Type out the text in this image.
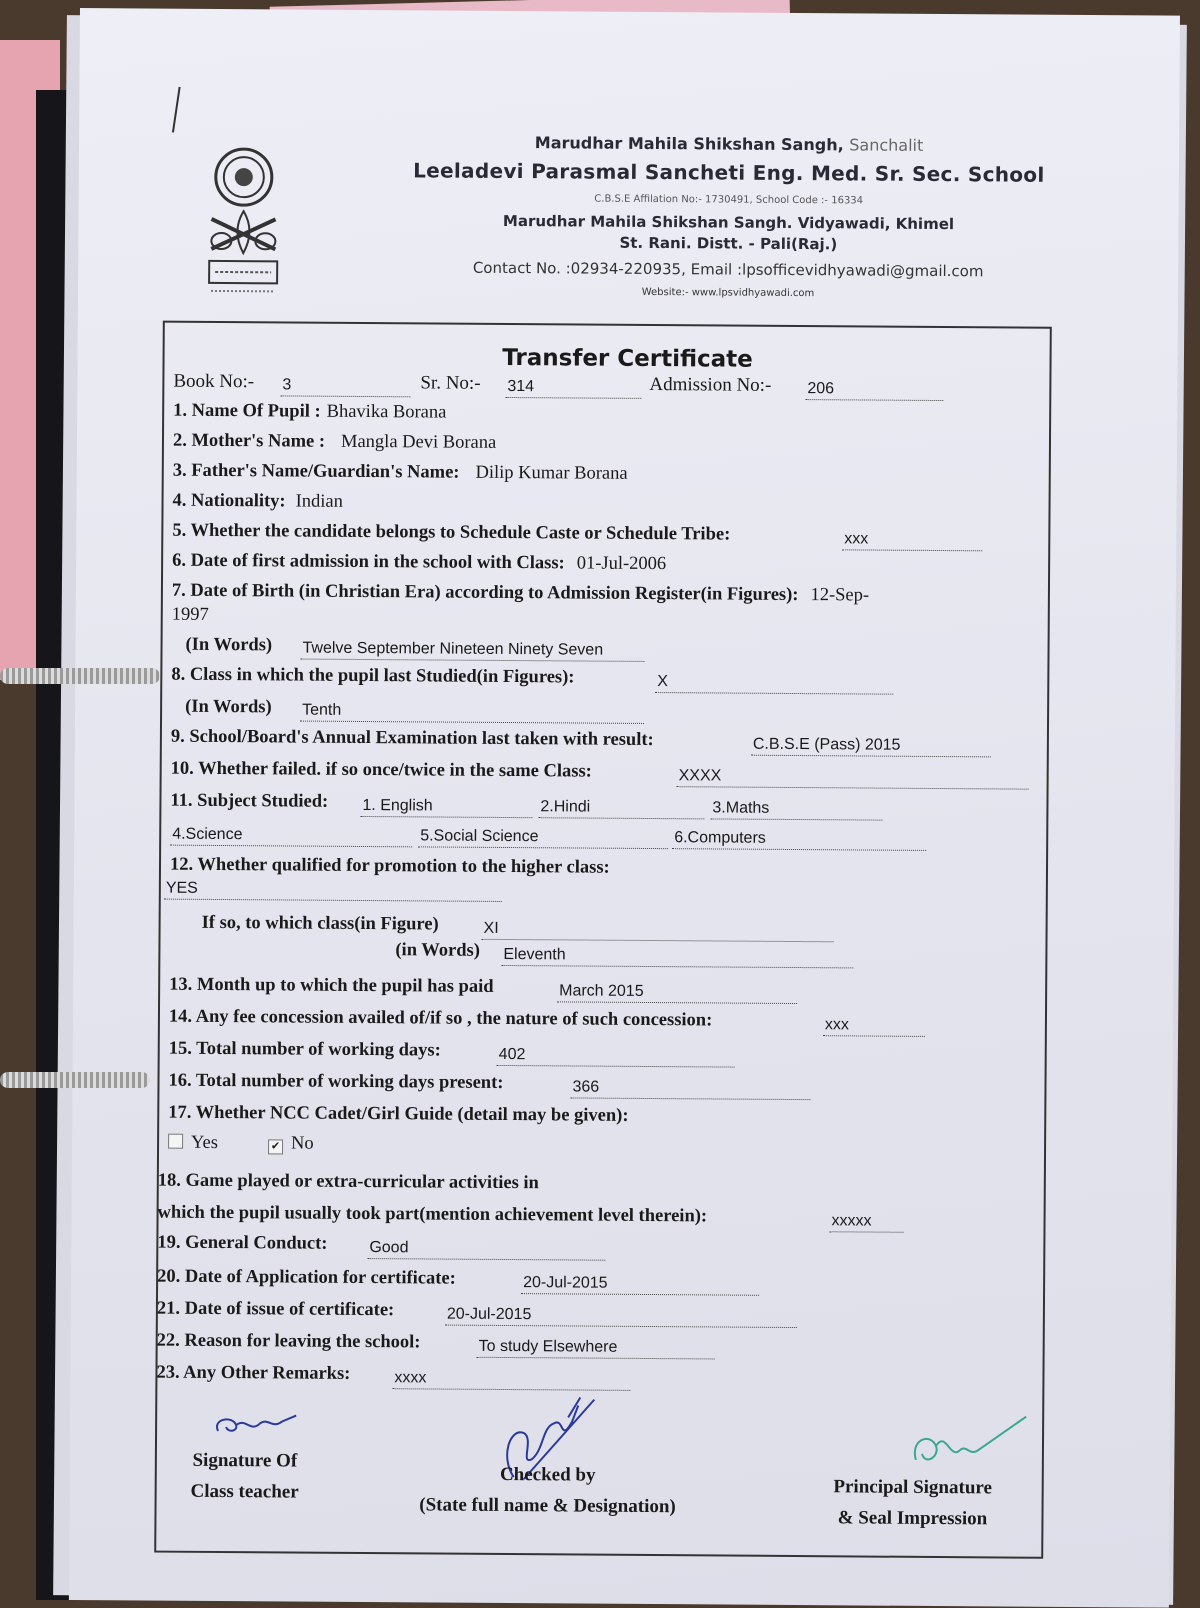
Marudhar Mahila Shikshan Sangh, Sanchalit
Leeladevi Parasmal Sancheti Eng. Med. Sr. Sec. School
C.B.S.E Affilation No:- 1730491, School Code :- 16334
Marudhar Mahila Shikshan Sangh. Vidyawadi, Khimel
St. Rani. Distt. - Pali(Raj.)
Contact No. :02934-220935, Email :lpsofficevidhyawadi@gmail.com
Website:- www.lpsvidhyawadi.com
Transfer Certificate
Book No:- 3	Sr. No:- 314	Admission No:- 206
1. Name Of Pupil : Bhavika Borana
2. Mother's Name : Mangla Devi Borana
3. Father's Name/Guardian's Name: Dilip Kumar Borana
4. Nationality: Indian
5. Whether the candidate belongs to Schedule Caste or Schedule Tribe:	xxx
6. Date of first admission in the school with Class: 01-Jul-2006
7. Date of Birth (in Christian Era) according to Admission Register(in Figures): 12-Sep-
1997
(In Words) Twelve September Nineteen Ninety Seven
8. Class in which the pupil last Studied(in Figures):	X
(In Words) Tenth
9. School/Board's Annual Examination last taken with result:	C.B.S.E (Pass) 2015
10. Whether failed. if so once/twice in the same Class:	XXXX
11. Subject Studied: 1. English	2.Hindi	3.Maths
4.Science	5.Social Science	6.Computers
12. Whether qualified for promotion to the higher class:
YES
If so, to which class(in Figure)	XI
(in Words) Eleventh
13. Month up to which the pupil has paid	March 2015
14. Any fee concession availed of/if so , the nature of such concession:	xxx
15. Total number of working days:	402
16. Total number of working days present:	366
17. Whether NCC Cadet/Girl Guide (detail may be given):
Yes	✔ No
18. Game played or extra-curricular activities in
which the pupil usually took part(mention achievement level therein):	xxxxx
19. General Conduct:	Good
20. Date of Application for certificate:	20-Jul-2015
21. Date of issue of certificate:	20-Jul-2015
22. Reason for leaving the school:	To study Elsewhere
23. Any Other Remarks:	xxxx
Signature Of
Class teacher
Checked by
(State full name & Designation)
Principal Signature
& Seal Impression
